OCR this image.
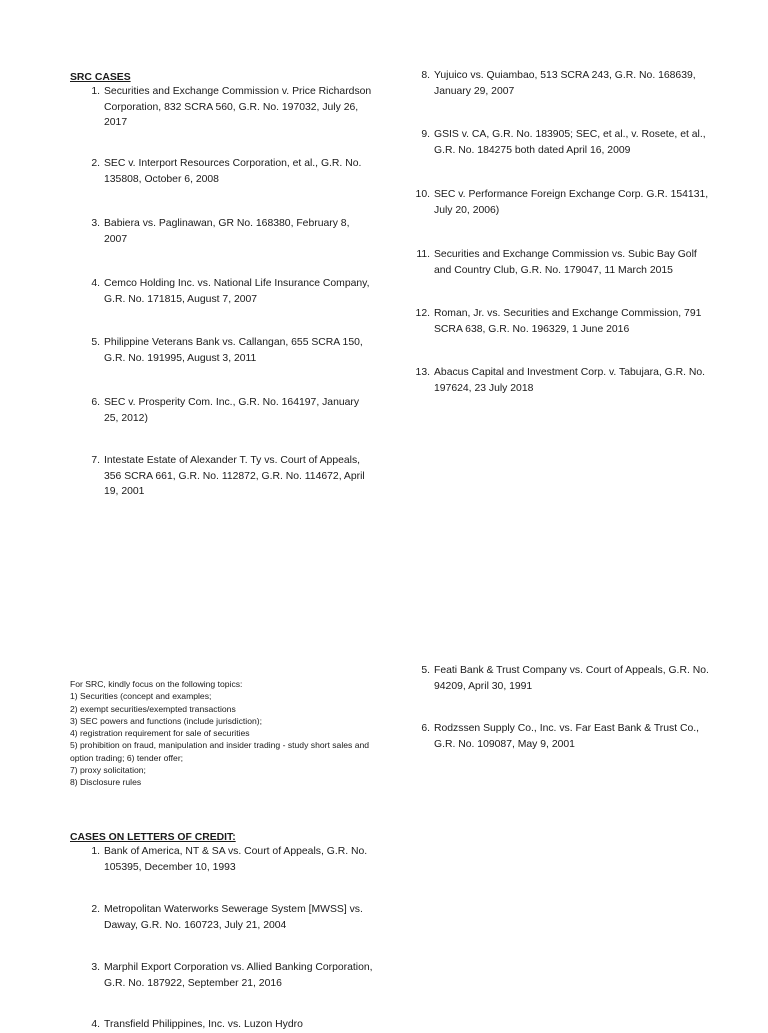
SRC CASES
1. Securities and Exchange Commission v. Price Richardson Corporation, 832 SCRA 560, G.R. No. 197032, July 26, 2017
2. SEC v. Interport Resources Corporation, et al., G.R. No. 135808, October 6, 2008
3. Babiera vs. Paglinawan, GR No. 168380, February 8, 2007
4. Cemco Holding Inc. vs. National Life Insurance Company, G.R. No. 171815, August 7, 2007
5. Philippine Veterans Bank vs. Callangan, 655 SCRA 150, G.R. No. 191995, August 3, 2011
6. SEC v. Prosperity Com. Inc., G.R. No. 164197, January 25, 2012)
7. Intestate Estate of Alexander T. Ty vs. Court of Appeals, 356 SCRA 661, G.R. No. 112872, G.R. No. 114672, April 19, 2001
For SRC, kindly focus on the following topics:
1) Securities (concept and examples;
2) exempt securities/exempted transactions
3) SEC powers and functions (include jurisdiction);
4) registration requirement for sale of securities
5) prohibition on fraud, manipulation and insider trading - study short sales and option trading; 6) tender offer;
7) proxy solicitation;
8) Disclosure rules
CASES ON LETTERS OF CREDIT:
1. Bank of America, NT & SA vs. Court of Appeals, G.R. No. 105395, December 10, 1993
2. Metropolitan Waterworks Sewerage System [MWSS] vs. Daway, G.R. No. 160723, July 21, 2004
3. Marphil Export Corporation vs. Allied Banking Corporation, G.R. No. 187922, September 21, 2016
4. Transfield Philippines, Inc. vs. Luzon Hydro
8. Yujuico vs. Quiambao, 513 SCRA 243, G.R. No. 168639, January 29, 2007
9. GSIS v. CA, G.R. No. 183905; SEC, et al., v. Rosete, et al., G.R. No. 184275 both dated April 16, 2009
10. SEC v. Performance Foreign Exchange Corp. G.R. 154131, July 20, 2006)
11. Securities and Exchange Commission vs. Subic Bay Golf and Country Club, G.R. No. 179047, 11 March 2015
12. Roman, Jr. vs. Securities and Exchange Commission, 791 SCRA 638, G.R. No. 196329, 1 June 2016
13. Abacus Capital and Investment Corp. v. Tabujara, G.R. No. 197624, 23 July 2018
5. Feati Bank & Trust Company vs. Court of Appeals, G.R. No. 94209, April 30, 1991
6. Rodzssen Supply Co., Inc. vs. Far East Bank & Trust Co., G.R. No. 109087, May 9, 2001
